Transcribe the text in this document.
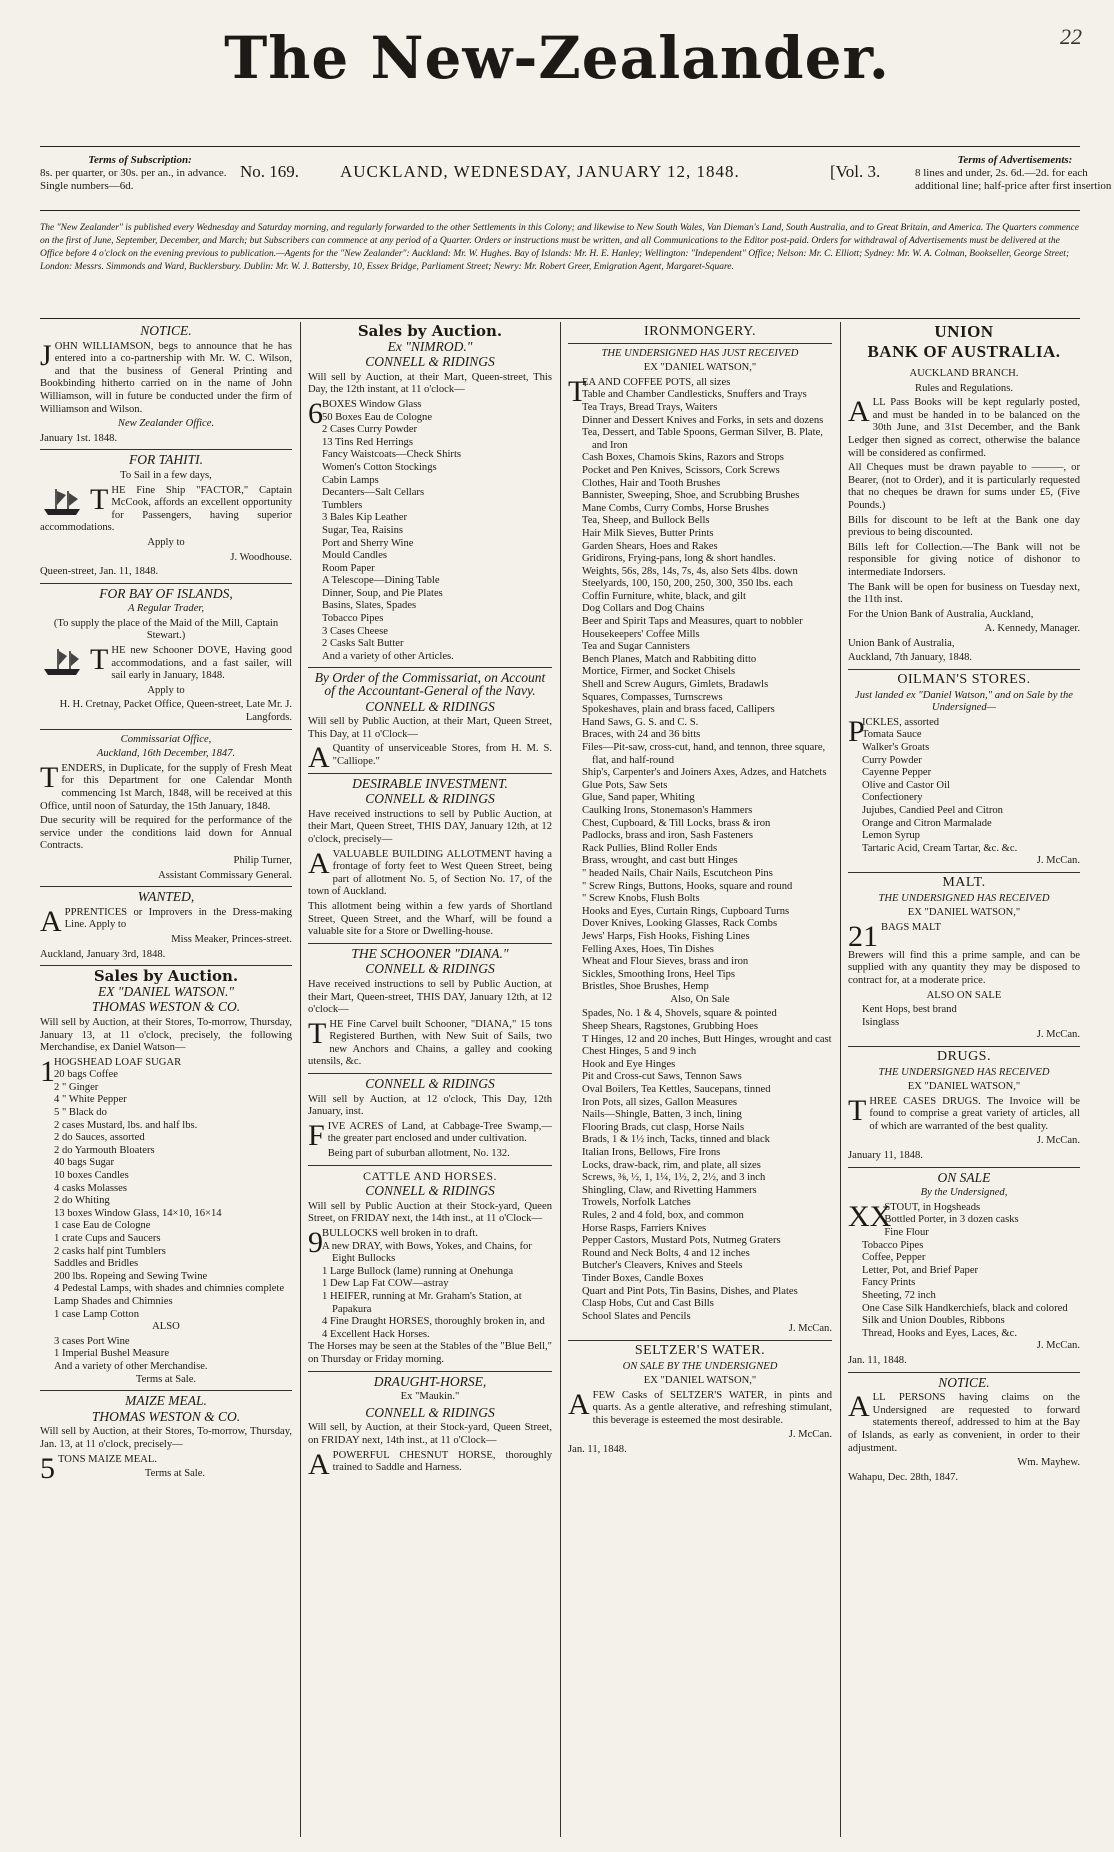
The New-Zealander.	22
Terms of Subscription:
8s. per quarter, or 30s. per an., in advance. Single numbers—6d.
No. 169. AUCKLAND, WEDNESDAY, JANUARY 12, 1848.	[Vol. 3.
Terms of Advertisements:
8 lines and under, 2s. 6d.—2d. for each additional line; half-price after first insertion
The "New Zealander" is published every Wednesday and Saturday morning, and regularly forwarded to the other Settlements in this Colony; and likewise to New South Wales, Van Dieman's Land, South Australia, and to Great Britain, and America. The Quarters commence on the first of June, September, December, and March; but Subscribers can commence at any period of a Quarter. Orders or instructions must be written, and all Communications to the Editor post-paid. Orders for withdrawal of Advertisements must be delivered at the Office before 4 o'clock on the evening previous to publication.—Agents for the "New Zealander": Auckland: Mr. W. Hughes. Bay of Islands: Mr. H. E. Hanley; Wellington: "Independent" Office; Nelson: Mr. C. Elliott; Sydney: Mr. W. A. Colman, Bookseller, George Street; London: Messrs. Simmonds and Ward, Bucklersbury. Dublin: Mr. W. J. Battersby, 10, Essex Bridge, Parliament Street; Newry: Mr. Robert Greer, Emigration Agent, Margaret-Square.
NOTICE.

JOHN WILLIAMSON, begs to announce that he has entered into a co-partnership with Mr. W. C. Wilson, and that the business of General Printing and Bookbinding hitherto carried on in the name of John Williamson, will in future be conducted under the firm of Williamson and Wilson.

New Zealander Office.

January 1st. 1848.

FOR TAHITI.

To Sail in a few days,

THE Fine Ship "FACTOR," Captain McCook, affords an excellent opportunity for Passengers, having superior accommodations.

Apply to

J. Woodhouse.

Queen-street, Jan. 11, 1848.

FOR BAY OF ISLANDS,

A Regular Trader,

(To supply the place of the Maid of the Mill, Captain Stewart.)

THE new Schooner DOVE, Having good accommodations, and a fast sailer, will sail early in January, 1848.

Apply to

H. H. Cretnay, Packet Office, Queen-street, Late Mr. J. Langfords.

Commissariat Office,

Auckland, 16th December, 1847.

TENDERS, in Duplicate, for the supply of Fresh Meat for this Department for one Calendar Month commencing 1st March, 1848, will be received at this Office, until noon of Saturday, the 15th January, 1848.

Due security will be required for the performance of the service under the conditions laid down for Annual Contracts.

Philip Turner,

Assistant Commissary General.

WANTED,

APPRENTICES or Improvers in the Dress-making Line. Apply to

Miss Meaker, Princes-street.

Auckland, January 3rd, 1848.

Sales by Auction.
EX "DANIEL WATSON."
THOMAS WESTON & CO.

Will sell by Auction, at their Stores, To-morrow, Thursday, January 13, at 11 o'clock, precisely, the following Merchandise, ex Daniel Watson—

1 HOGSHEAD LOAF SUGAR
20 bags Coffee
2 " Ginger
4 " White Pepper
5 " Black do
2 cases Mustard, lbs. and half lbs.
2 do Sauces, assorted
2 do Yarmouth Bloaters
40 bags Sugar
10 boxes Candles
4 casks Molasses
2 do Whiting
13 boxes Window Glass, 14×10, 16×14
1 case Eau de Cologne
1 crate Cups and Saucers
2 casks half pint Tumblers
Saddles and Bridles
200 lbs. Ropeing and Sewing Twine
4 Pedestal Lamps, with shades and chimnies complete
Lamp Shades and Chimnies
1 case Lamp Cotton

ALSO

3 cases Port Wine
1 Imperial Bushel Measure
And a variety of other Merchandise.

Terms at Sale.

MAIZE MEAL.
THOMAS WESTON & CO.

Will sell by Auction, at their Stores, To-morrow, Thursday, Jan. 13, at 11 o'clock, precisely—

5 TONS MAIZE MEAL.

Terms at Sale.

Sales by Auction.
Ex "NIMROD."
CONNELL & RIDINGS

Will sell by Auction, at their Mart, Queen-street, This Day, the 12th instant, at 11 o'clock—

6 BOXES Window Glass
50 Boxes Eau de Cologne
2 Cases Curry Powder
13 Tins Red Herrings
Fancy Waistcoats—Check Shirts
Women's Cotton Stockings
Cabin Lamps
Decanters—Salt Cellars
Tumblers
3 Bales Kip Leather
Sugar, Tea, Raisins
Port and Sherry Wine
Mould Candles
Room Paper
A Telescope—Dining Table
Dinner, Soup, and Pie Plates
Basins, Slates, Spades
Tobacco Pipes
3 Cases Cheese
2 Casks Salt Butter
And a variety of other Articles.
By Order of the Commissariat, on Account of the Accountant-General of the Navy.
CONNELL & RIDINGS

Will sell by Public Auction, at their Mart, Queen Street, This Day, at 11 o'Clock—

A Quantity of unserviceable Stores, from H. M. S. "Calliope."

DESIRABLE INVESTMENT.
CONNELL & RIDINGS

Have received instructions to sell by Public Auction, at their Mart, Queen Street, THIS DAY, January 12th, at 12 o'clock, precisely—

AVALUABLE BUILDING ALLOTMENT having a frontage of forty feet to West Queen Street, being part of allotment No. 5, of Section No. 17, of the town of Auckland.

This allotment being within a few yards of Shortland Street, Queen Street, and the Wharf, will be found a valuable site for a Store or Dwelling-house.

THE SCHOONER "DIANA."
CONNELL & RIDINGS

Have received instructions to sell by Public Auction, at their Mart, Queen-street, THIS DAY, January 12th, at 12 o'clock—

THE Fine Carvel built Schooner, "DIANA," 15 tons Registered Burthen, with New Suit of Sails, two new Anchors and Chains, a galley and cooking utensils, &c.

CONNELL & RIDINGS

Will sell by Auction, at 12 o'clock, This Day, 12th January, inst.

FIVE ACRES of Land, at Cabbage-Tree Swamp,—the greater part enclosed and under cultivation.

Being part of suburban allotment, No. 132.

CATTLE AND HORSES.
CONNELL & RIDINGS

Will sell by Public Auction at their Stock-yard, Queen Street, on FRIDAY next, the 14th inst., at 11 o'Clock—

9 BULLOCKS well broken in to draft.
A new DRAY, with Bows, Yokes, and Chains, for Eight Bullocks
1 Large Bullock (lame) running at Onehunga
1 Dew Lap Fat COW—astray
1 HEIFER, running at Mr. Graham's Station, at Papakura
4 Fine Draught HORSES, thoroughly broken in, and
4 Excellent Hack Horses.

The Horses may be seen at the Stables of the "Blue Bell," on Thursday or Friday morning.

DRAUGHT-HORSE,

Ex "Maukin."

CONNELL & RIDINGS

Will sell, by Auction, at their Stock-yard, Queen Street, on FRIDAY next, 14th inst., at 11 o'Clock—

APOWERFUL CHESNUT HORSE, thoroughly trained to Saddle and Harness.

IRONMONGERY.

THE UNDERSIGNED HAS JUST RECEIVED

EX "DANIEL WATSON,"

T
EA AND COFFEE POTS, all sizes
Table and Chamber Candlesticks, Snuffers and Trays
Tea Trays, Bread Trays, Waiters
Dinner and Dessert Knives and Forks, in sets and dozens
Tea, Dessert, and Table Spoons, German Silver, B. Plate, and Iron
Cash Boxes, Chamois Skins, Razors and Strops
Pocket and Pen Knives, Scissors, Cork Screws
Clothes, Hair and Tooth Brushes
Bannister, Sweeping, Shoe, and Scrubbing Brushes
Mane Combs, Curry Combs, Horse Brushes
Tea, Sheep, and Bullock Bells
Hair Milk Sieves, Butter Prints
Garden Shears, Hoes and Rakes
Gridirons, Frying-pans, long & short handles.
Weights, 56s, 28s, 14s, 7s, 4s, also Sets 4lbs. down
Steelyards, 100, 150, 200, 250, 300, 350 lbs. each
Coffin Furniture, white, black, and gilt
Dog Collars and Dog Chains
Beer and Spirit Taps and Measures, quart to nobbler
Housekeepers' Coffee Mills
Tea and Sugar Cannisters
Bench Planes, Match and Rabbiting ditto
Mortice, Firmer, and Socket Chisels
Shell and Screw Augurs, Gimlets, Bradawls
Squares, Compasses, Turnscrews
Spokeshaves, plain and brass faced, Callipers
Hand Saws, G. S. and C. S.
Braces, with 24 and 36 bitts
Files—Pit-saw, cross-cut, hand, and tennon, three square, flat, and half-round
Ship's, Carpenter's and Joiners Axes, Adzes, and Hatchets
Glue Pots, Saw Sets
Glue, Sand paper, Whiting
Caulking Irons, Stonemason's Hammers
Chest, Cupboard, & Till Locks, brass & iron
Padlocks, brass and iron, Sash Fasteners
Rack Pullies, Blind Roller Ends
Brass, wrought, and cast butt Hinges
" headed Nails, Chair Nails, Escutcheon Pins
" Screw Rings, Buttons, Hooks, square and round
" Screw Knobs, Flush Bolts
Hooks and Eyes, Curtain Rings, Cupboard Turns
Dover Knives, Looking Glasses, Rack Combs
Jews' Harps, Fish Hooks, Fishing Lines
Felling Axes, Hoes, Tin Dishes
Wheat and Flour Sieves, brass and iron
Sickles, Smoothing Irons, Heel Tips
Bristles, Shoe Brushes, Hemp

Also, On Sale

Spades, No. 1 & 4, Shovels, square & pointed
Sheep Shears, Ragstones, Grubbing Hoes
T Hinges, 12 and 20 inches, Butt Hinges, wrought and cast
Chest Hinges, 5 and 9 inch
Hook and Eye Hinges
Pit and Cross-cut Saws, Tennon Saws
Oval Boilers, Tea Kettles, Saucepans, tinned
Iron Pots, all sizes, Gallon Measures
Nails—Shingle, Batten, 3 inch, lining
Flooring Brads, cut clasp, Horse Nails
Brads, 1 & 1½ inch, Tacks, tinned and black
Italian Irons, Bellows, Fire Irons
Locks, draw-back, rim, and plate, all sizes
Screws, ⅜, ½, 1, 1¼, 1½, 2, 2½, and 3 inch
Shingling, Claw, and Rivetting Hammers
Trowels, Norfolk Latches
Rules, 2 and 4 fold, box, and common
Horse Rasps, Farriers Knives
Pepper Castors, Mustard Pots, Nutmeg Graters
Round and Neck Bolts, 4 and 12 inches
Butcher's Cleavers, Knives and Steels
Tinder Boxes, Candle Boxes
Quart and Pint Pots, Tin Basins, Dishes, and Plates
Clasp Hobs, Cut and Cast Bills
School Slates and Pencils

J. McCan.

SELTZER'S WATER.

ON SALE BY THE UNDERSIGNED

EX "DANIEL WATSON,"

AFEW Casks of SELTZER'S WATER, in pints and quarts. As a gentle alterative, and refreshing stimulant, this beverage is esteemed the most desirable.

J. McCan.

Jan. 11, 1848.

UNION
BANK OF AUSTRALIA.

AUCKLAND BRANCH.

Rules and Regulations.

ALL Pass Books will be kept regularly posted, and must be handed in to be balanced on the 30th June, and 31st December, and the Bank Ledger then signed as correct, otherwise the balance will be considered as confirmed.

All Cheques must be drawn payable to ———, or Bearer, (not to Order), and it is particularly requested that no cheques be drawn for sums under £5, (Five Pounds.)

Bills for discount to be left at the Bank one day previous to being discounted.

Bills left for Collection.—The Bank will not be responsible for giving notice of dishonor to intermediate Indorsers.

The Bank will be open for business on Tuesday next, the 11th inst.

For the Union Bank of Australia, Auckland,

A. Kennedy, Manager.

Union Bank of Australia,

Auckland, 7th January, 1848.

OILMAN'S STORES.

Just landed ex "Daniel Watson," and on Sale by the Undersigned—

P
ICKLES, assorted
Tomata Sauce
Walker's Groats
Curry Powder
Cayenne Pepper
Olive and Castor Oil
Confectionery
Jujubes, Candied Peel and Citron
Orange and Citron Marmalade
Lemon Syrup
Tartaric Acid, Cream Tartar, &c. &c.

J. McCan.

MALT.

THE UNDERSIGNED HAS RECEIVED

EX "DANIEL WATSON,"

21 BAGS MALT

Brewers will find this a prime sample, and can be supplied with any quantity they may be disposed to contract for, at a moderate price.

ALSO ON SALE

Kent Hops, best brand
Isinglass

J. McCan.

DRUGS.

THE UNDERSIGNED HAS RECEIVED

EX "DANIEL WATSON,"

THREE CASES DRUGS. The Invoice will be found to comprise a great variety of articles, all of which are warranted of the best quality.

J. McCan.

January 11, 1848.

ON SALE

By the Undersigned,

XX
STOUT, in Hogsheads
Bottled Porter, in 3 dozen casks
Fine Flour
Tobacco Pipes
Coffee, Pepper
Letter, Pot, and Brief Paper
Fancy Prints
Sheeting, 72 inch
One Case Silk Handkerchiefs, black and colored
Silk and Union Doubles, Ribbons
Thread, Hooks and Eyes, Laces, &c.

J. McCan.

Jan. 11, 1848.

NOTICE.

ALL PERSONS having claims on the Undersigned are requested to forward statements thereof, addressed to him at the Bay of Islands, as early as convenient, in order to their adjustment.

Wm. Mayhew.

Wahapu, Dec. 28th, 1847.
